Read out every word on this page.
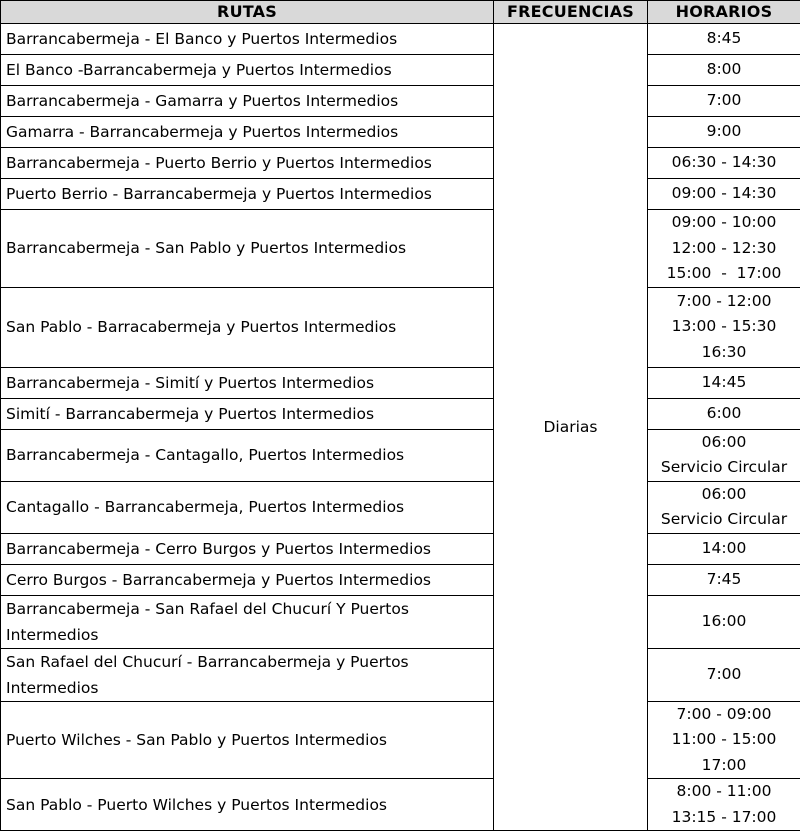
RUTAS	FRECUENCIAS	HORARIOS
Barrancabermeja - El Banco y Puertos Intermedios	Diarias	8:45

El Banco -Barrancabermeja y Puertos Intermedios		8:00

Barrancabermeja - Gamarra y Puertos Intermedios		7:00

Gamarra - Barrancabermeja y Puertos Intermedios		9:00

Barrancabermeja - Puerto Berrio y Puertos Intermedios		06:30 - 14:30

Puerto Berrio - Barrancabermeja y Puertos Intermedios		09:00 - 14:30

Barrancabermeja - San Pablo y Puertos Intermedios		09:00 - 10:00
12:00 - 12:30
15:00  -  17:00

San Pablo - Barracabermeja y Puertos Intermedios		7:00 - 12:00
13:00 - 15:30
16:30

Barrancabermeja - Simití y Puertos Intermedios		14:45

Simití - Barrancabermeja y Puertos Intermedios		6:00

Barrancabermeja - Cantagallo, Puertos Intermedios		06:00
Servicio Circular

Cantagallo - Barrancabermeja, Puertos Intermedios		06:00
Servicio Circular

Barrancabermeja - Cerro Burgos y Puertos Intermedios		14:00

Cerro Burgos - Barrancabermeja y Puertos Intermedios		7:45

Barrancabermeja - San Rafael del Chucurí Y Puertos Intermedios		16:00

San Rafael del Chucurí - Barrancabermeja y Puertos Intermedios		7:00

Puerto Wilches - San Pablo y Puertos Intermedios		7:00 - 09:00
11:00 - 15:00
17:00

San Pablo - Puerto Wilches y Puertos Intermedios		8:00 - 11:00
13:15 - 17:00
